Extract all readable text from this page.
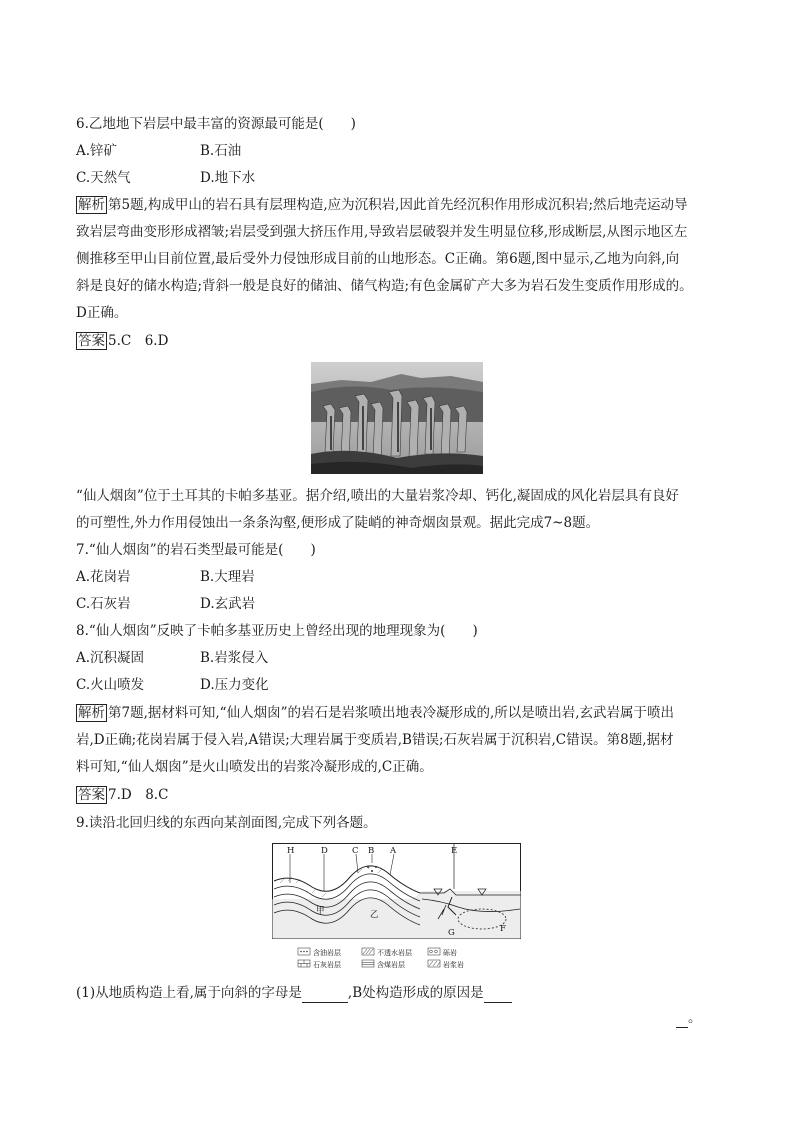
6.乙地地下岩层中最丰富的资源最可能是(　　)
A.锌矿	B.石油
C.天然气	D.地下水
解析 第5题,构成甲山的岩石具有层理构造,应为沉积岩,因此首先经沉积作用形成沉积岩;然后地壳运动导
致岩层弯曲变形形成褶皱;岩层受到强大挤压作用,导致岩层破裂并发生明显位移,形成断层,从图示地区左
侧推移至甲山目前位置,最后受外力侵蚀形成目前的山地形态。C正确。第6题,图中显示,乙地为向斜,向
斜是良好的储水构造;背斜一般是良好的储油、储气构造;有色金属矿产大多为岩石发生变质作用形成的。
D正确。
答案 5.C　6.D
“仙人烟囱”位于土耳其的卡帕多基亚。据介绍,喷出的大量岩浆冷却、钙化,凝固成的风化岩层具有良好
的可塑性,外力作用侵蚀出一条条沟壑,便形成了陡峭的神奇烟囱景观。据此完成7~8题。
7.“仙人烟囱”的岩石类型最可能是(　　)
A.花岗岩	B.大理岩
C.石灰岩	D.玄武岩
8.“仙人烟囱”反映了卡帕多基亚历史上曾经出现的地理现象为(　　)
A.沉积凝固	B.岩浆侵入
C.火山喷发	D.压力变化
解析 第7题,据材料可知,“仙人烟囱”的岩石是岩浆喷出地表冷凝形成的,所以是喷出岩,玄武岩属于喷出
岩,D正确;花岗岩属于侵入岩,A错误;大理岩属于变质岩,B错误;石灰岩属于沉积岩,C错误。第8题,据材
料可知,“仙人烟囱”是火山喷发出的岩浆冷凝形成的,C正确。
答案 7.D　8.C
9.读沿北回归线的东西向某剖面图,完成下列各题。
H	D	C B A	E
甲	乙
G	F
含油岩层	不透水岩层	砾岩
石灰岩层	含煤岩层	岩浆岩
(1)从地质构造上看,属于向斜的字母是	,B处构造形成的原因是
。
